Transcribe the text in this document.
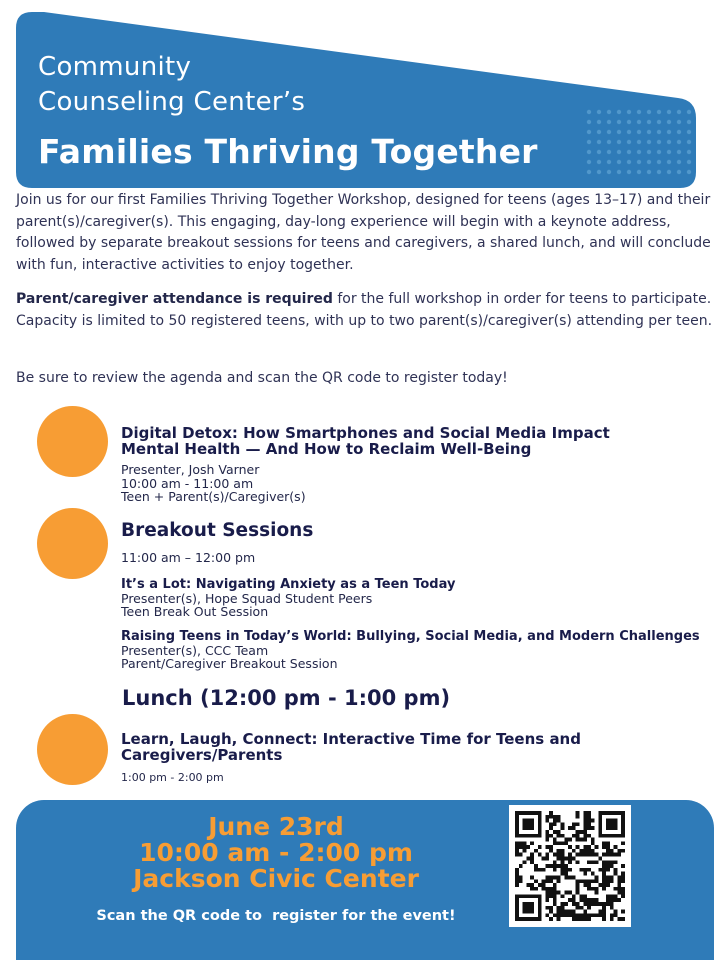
Community
Counseling Center’s
Families Thriving Together

Join us for our first Families Thriving Together Workshop, designed for teens (ages 13–17) and their parent(s)/caregiver(s). This engaging, day-long experience will begin with a keynote address, followed by separate breakout sessions for teens and caregivers, a shared lunch, and will conclude with fun, interactive activities to enjoy together.

Parent/caregiver attendance is required for the full workshop in order for teens to participate. Capacity is limited to 50 registered teens, with up to two parent(s)/caregiver(s) attending per teen.

Be sure to review the agenda and scan the QR code to register today!

Digital Detox: How Smartphones and Social Media Impact Mental Health — And How to Reclaim Well-Being
Presenter, Josh Varner
10:00 am - 11:00 am
Teen + Parent(s)/Caregiver(s)
Breakout Sessions
11:00 am – 12:00 pm
It’s a Lot: Navigating Anxiety as a Teen Today
Presenter(s), Hope Squad Student Peers
Teen Break Out Session
Raising Teens in Today’s World: Bullying, Social Media, and Modern Challenges
Presenter(s), CCC Team
Parent/Caregiver Breakout Session
Lunch (12:00 pm - 1:00 pm)
Learn, Laugh, Connect: Interactive Time for Teens and Caregivers/Parents
1:00 pm - 2:00 pm
June 23rd
10:00 am - 2:00 pm
Jackson Civic Center
Scan the QR code to  register for the event!
